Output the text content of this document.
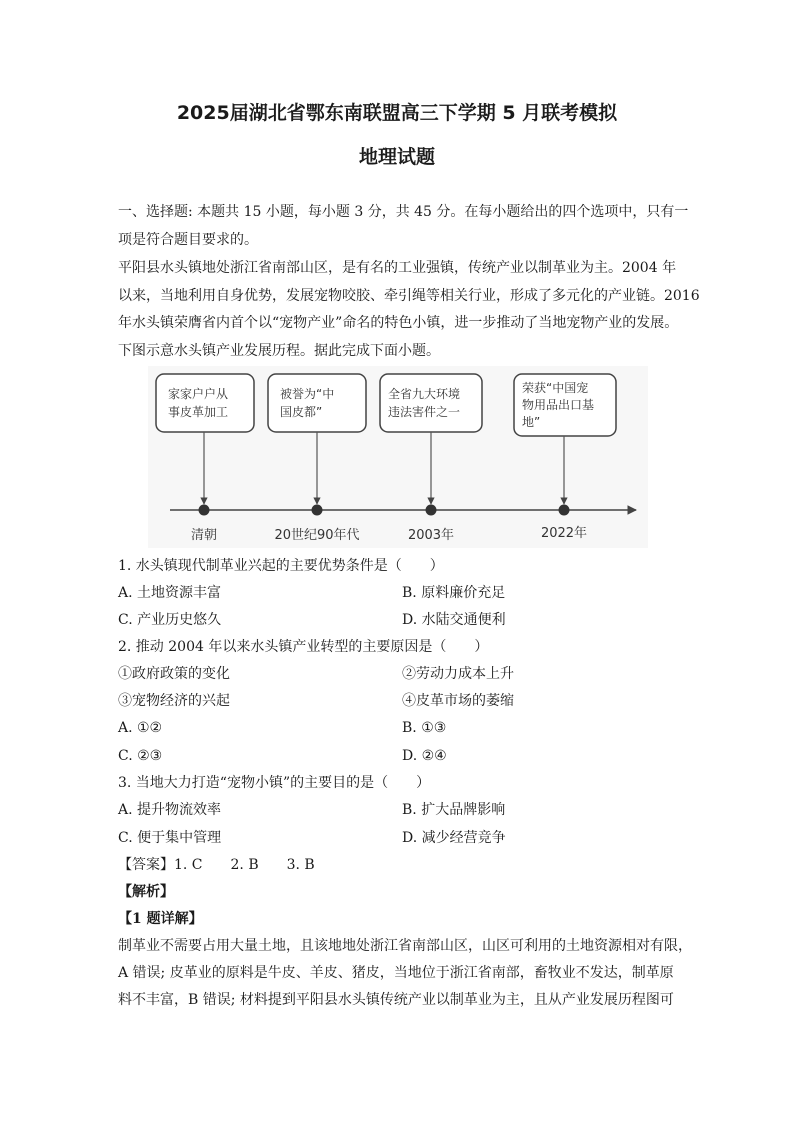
2025届湖北省鄂东南联盟高三下学期 5 月联考模拟
地理试题
一、选择题: 本题共 15 小题，每小题 3 分，共 45 分。在每小题给出的四个选项中，只有一
项是符合题目要求的。
平阳县水头镇地处浙江省南部山区，是有名的工业强镇，传统产业以制革业为主。2004 年
以来，当地利用自身优势，发展宠物咬胶、牵引绳等相关行业，形成了多元化的产业链。2016
年水头镇荣膺省内首个以“宠物产业”命名的特色小镇，进一步推动了当地宠物产业的发展。
下图示意水头镇产业发展历程。据此完成下面小题。
家家户户从
事皮革加工
被誉为“中
国皮都”
全省九大环境
违法害件之一
荣获“中国宠
物用品出口基
地”
清朝	20世纪90年代	2003年	2022年
1. 水头镇现代制革业兴起的主要优势条件是（　　）
A. 土地资源丰富	B. 原料廉价充足
C. 产业历史悠久	D. 水陆交通便利
2. 推动 2004 年以来水头镇产业转型的主要原因是（　　）
①政府政策的变化	②劳动力成本上升
③宠物经济的兴起	④皮革市场的萎缩
A. ①②	B. ①③
C. ②③	D. ②④
3. 当地大力打造“宠物小镇”的主要目的是（　　）
A. 提升物流效率	B. 扩大品牌影响
C. 便于集中管理	D. 减少经营竞争
【答案】1. C　　2. B　　3. B
【解析】
【1 题详解】
制革业不需要占用大量土地，且该地地处浙江省南部山区，山区可利用的土地资源相对有限，
A 错误; 皮革业的原料是牛皮、羊皮、猪皮，当地位于浙江省南部，畜牧业不发达，制革原
料不丰富，B 错误; 材料提到平阳县水头镇传统产业以制革业为主，且从产业发展历程图可
